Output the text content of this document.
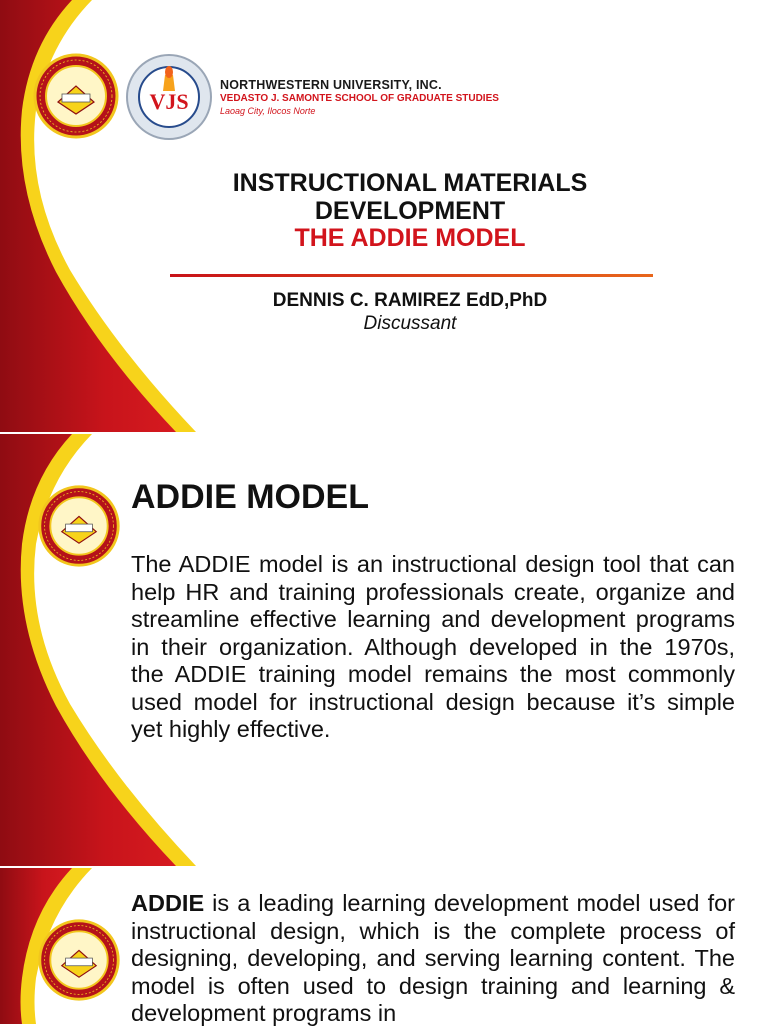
VJS
NORTHWESTERN UNIVERSITY, INC.
VEDASTO J. SAMONTE SCHOOL OF GRADUATE STUDIES
Laoag City, Ilocos Norte
INSTRUCTIONAL MATERIALS
DEVELOPMENT
THE ADDIE MODEL
DENNIS C. RAMIREZ EdD,PhD
Discussant
ADDIE MODEL

The ADDIE model is an instructional design tool that can help HR and training professionals create, organize and streamline effective learning and development programs in their organization. Although developed in the 1970s, the ADDIE training model remains the most commonly used model for instructional design because it’s simple yet highly effective.

ADDIE is a leading learning development model used for instructional design, which is the complete process of designing, developing, and serving learning content. The model is often used to design training and learning & development programs in
